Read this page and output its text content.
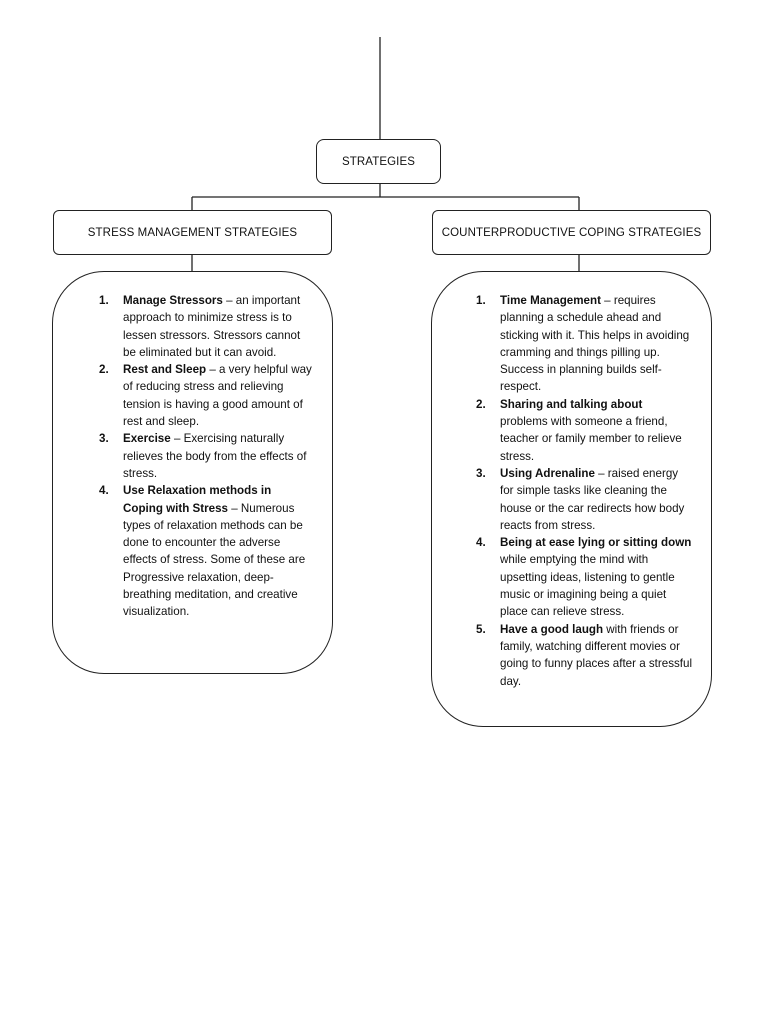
STRATEGIES
STRESS MANAGEMENT STRATEGIES	COUNTERPRODUCTIVE COPING STRATEGIES
1. Manage Stressors – an important approach to minimize stress is to lessen stressors. Stressors cannot be eliminated but it can avoid.
2. Rest and Sleep – a very helpful way of reducing stress and relieving tension is having a good amount of rest and sleep.
3. Exercise – Exercising naturally relieves the body from the effects of stress.
4. Use Relaxation methods in Coping with Stress – Numerous types of relaxation methods can be done to encounter the adverse effects of stress. Some of these are Progressive relaxation, deep-breathing meditation, and creative visualization.
1. Time Management – requires planning a schedule ahead and sticking with it. This helps in avoiding cramming and things pilling up. Success in planning builds self-respect.
2. Sharing and talking about problems with someone a friend, teacher or family member to relieve stress.
3. Using Adrenaline – raised energy for simple tasks like cleaning the house or the car redirects how body reacts from stress.
4. Being at ease lying or sitting down while emptying the mind with upsetting ideas, listening to gentle music or imagining being a quiet place can relieve stress.
5. Have a good laugh with friends or family, watching different movies or going to funny places after a stressful day.
